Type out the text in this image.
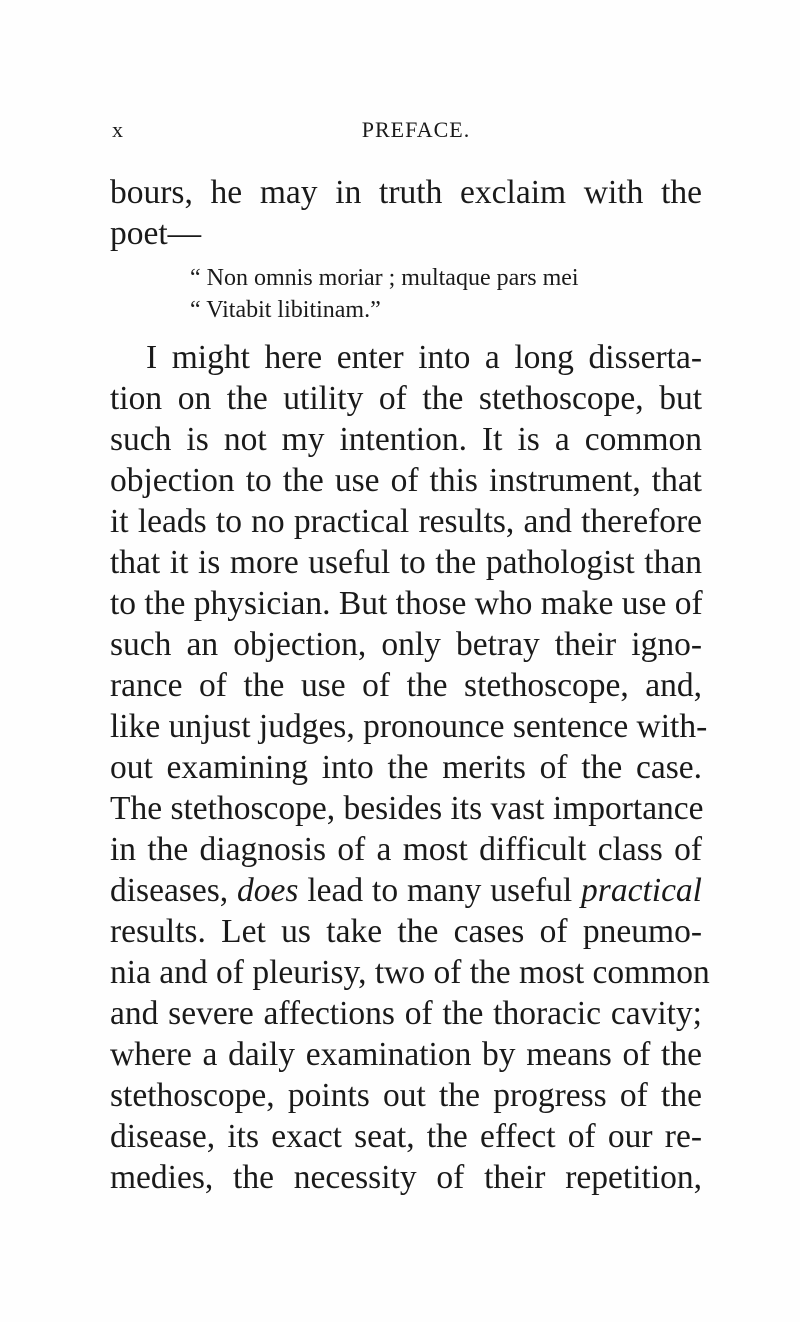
x	PREFACE.
bours, he may in truth exclaim with the
poet—
“ Non omnis moriar ; multaque pars mei
“ Vitabit libitinam.”
I might here enter into a long disserta-
tion on the utility of the stethoscope, but
such is not my intention. It is a common
objection to the use of this instrument, that
it leads to no practical results, and therefore
that it is more useful to the pathologist than
to the physician. But those who make use of
such an objection, only betray their igno-
rance of the use of the stethoscope, and,
like unjust judges, pronounce sentence with-
out examining into the merits of the case.
The stethoscope, besides its vast importance
in the diagnosis of a most difficult class of
diseases, does lead to many useful practical
results. Let us take the cases of pneumo-
nia and of pleurisy, two of the most common
and severe affections of the thoracic cavity;
where a daily examination by means of the
stethoscope, points out the progress of the
disease, its exact seat, the effect of our re-
medies, the necessity of their repetition,
